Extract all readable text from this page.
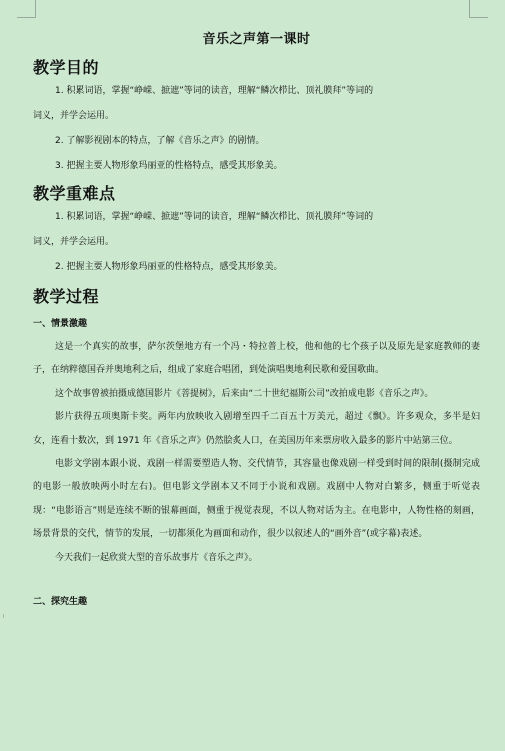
音乐之声第一课时

教学目的

1. 积累词语，掌握“峥嵘、摭遮”等词的读音，理解“鳞次栉比、顶礼膜拜”等词的

词义，并学会运用。

2. 了解影视剧本的特点，了解《音乐之声》的剧情。

3. 把握主要人物形象玛丽亚的性格特点，感受其形象美。

教学重难点

1. 积累词语，掌握“峥嵘、摭遮”等词的读音，理解“鳞次栉比、顶礼膜拜”等词的

词义，并学会运用。

2. 把握主要人物形象玛丽亚的性格特点，感受其形象美。

教学过程

一、情景激趣

这是一个真实的故事，萨尔茨堡地方有一个冯・特拉普上校，他和他的七个孩子以及原先是家庭教师的妻子，在纳粹德国吞并奥地利之后，组成了家庭合唱团，到处演唱奥地利民歌和爱国歌曲。

这个故事曾被拍摄成德国影片《菩提树》，后来由“二十世纪福斯公司”改拍成电影《音乐之声》。

影片获得五项奥斯卡奖。两年内放映收入剧增至四千二百五十万美元，超过《飘》。许多观众，多半是妇女，连看十数次，到 1971 年《音乐之声》仍然脍炙人口，在美国历年来票房收入最多的影片中站第三位。

电影文学剧本跟小说、戏剧一样需要塑造人物、交代情节，其容量也像戏剧一样受到时间的限制(摄制完成的电影一般放映两小时左右)。但电影文学剧本又不同于小说和戏剧。戏剧中人物对白繁多，侧重于听觉表现：“电影语言”则是连续不断的银幕画面，侧重于视觉表现，不以人物对话为主。在电影中，人物性格的刻画，场景背景的交代，情节的发展，一切都须化为画面和动作，很少以叙述人的“画外音”(或字幕)表述。

今天我们一起欣赏大型的音乐故事片《音乐之声》。

二、探究生趣
